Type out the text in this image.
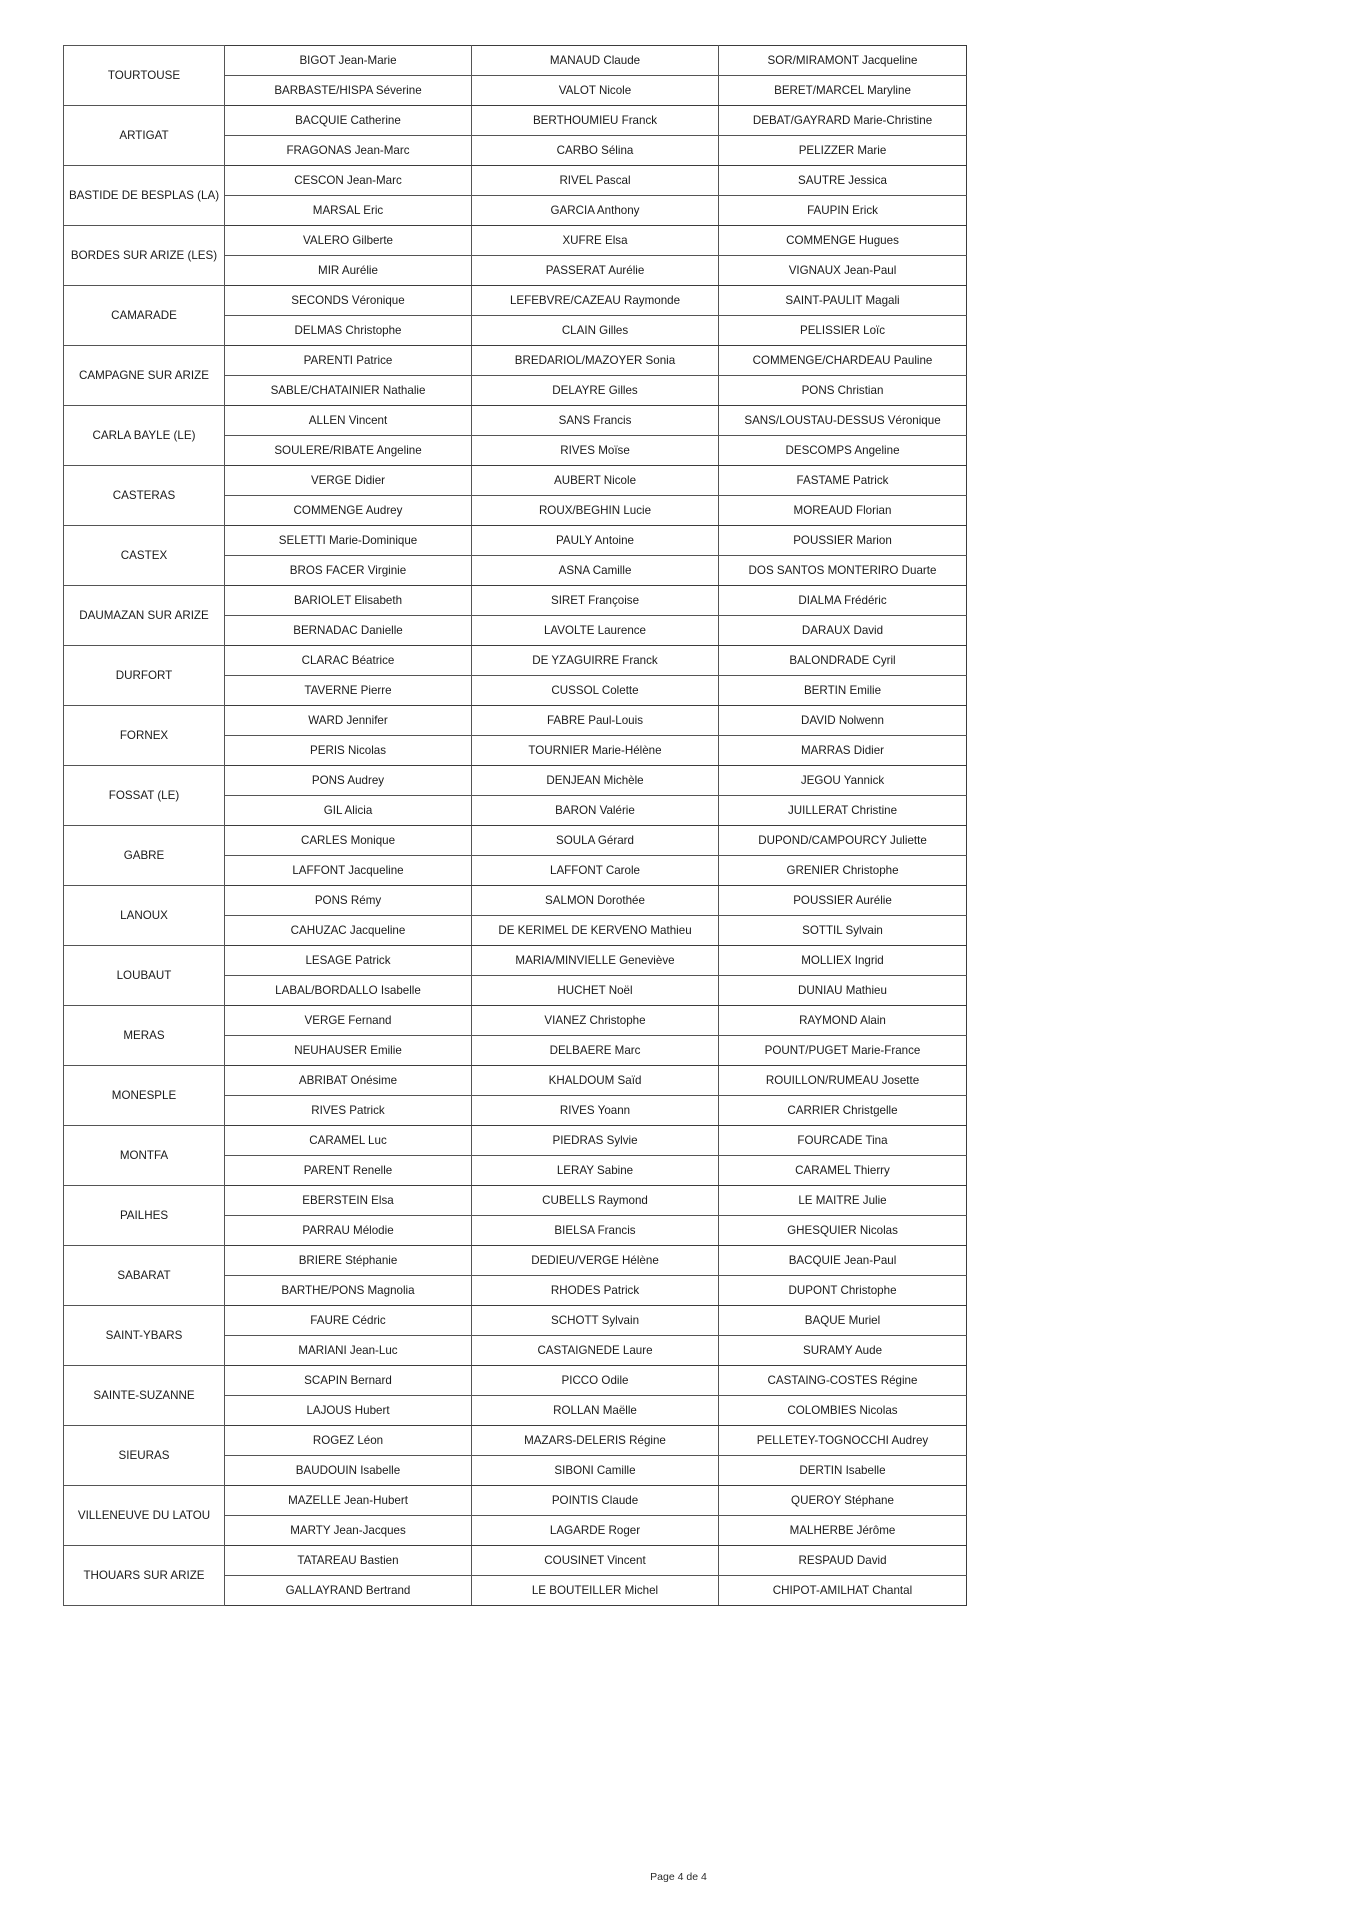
TOURTOUSE	BIGOT Jean-Marie	MANAUD Claude	SOR/MIRAMONT Jacqueline
	BARBASTE/HISPA Séverine	VALOT Nicole	BERET/MARCEL Maryline
ARTIGAT	BACQUIE Catherine	BERTHOUMIEU Franck	DEBAT/GAYRARD Marie-Christine
	FRAGONAS Jean-Marc	CARBO Sélina	PELIZZER Marie
BASTIDE DE BESPLAS (LA)	CESCON Jean-Marc	RIVEL Pascal	SAUTRE Jessica
	MARSAL Eric	GARCIA Anthony	FAUPIN Erick
BORDES SUR ARIZE (LES)	VALERO Gilberte	XUFRE Elsa	COMMENGE Hugues
	MIR Aurélie	PASSERAT Aurélie	VIGNAUX Jean-Paul
CAMARADE	SECONDS Véronique	LEFEBVRE/CAZEAU Raymonde	SAINT-PAULIT Magali
	DELMAS Christophe	CLAIN Gilles	PELISSIER Loïc
CAMPAGNE SUR ARIZE	PARENTI Patrice	BREDARIOL/MAZOYER Sonia	COMMENGE/CHARDEAU Pauline
	SABLE/CHATAINIER Nathalie	DELAYRE Gilles	PONS Christian
CARLA BAYLE (LE)	ALLEN Vincent	SANS Francis	SANS/LOUSTAU-DESSUS Véronique
	SOULERE/RIBATE Angeline	RIVES Moïse	DESCOMPS Angeline
CASTERAS	VERGE Didier	AUBERT Nicole	FASTAME Patrick
	COMMENGE Audrey	ROUX/BEGHIN Lucie	MOREAUD Florian
CASTEX	SELETTI Marie-Dominique	PAULY Antoine	POUSSIER Marion
	BROS FACER Virginie	ASNA Camille	DOS SANTOS MONTERIRO Duarte
DAUMAZAN SUR ARIZE	BARIOLET Elisabeth	SIRET Françoise	DIALMA Frédéric
	BERNADAC Danielle	LAVOLTE Laurence	DARAUX David
DURFORT	CLARAC Béatrice	DE YZAGUIRRE Franck	BALONDRADE Cyril
	TAVERNE Pierre	CUSSOL Colette	BERTIN Emilie
FORNEX	WARD Jennifer	FABRE Paul-Louis	DAVID Nolwenn
	PERIS Nicolas	TOURNIER Marie-Hélène	MARRAS Didier
FOSSAT (LE)	PONS Audrey	DENJEAN Michèle	JEGOU Yannick
	GIL Alicia	BARON Valérie	JUILLERAT Christine
GABRE	CARLES Monique	SOULA Gérard	DUPOND/CAMPOURCY Juliette
	LAFFONT Jacqueline	LAFFONT Carole	GRENIER Christophe
LANOUX	PONS Rémy	SALMON Dorothée	POUSSIER Aurélie
	CAHUZAC Jacqueline	DE KERIMEL DE KERVENO Mathieu	SOTTIL Sylvain
LOUBAUT	LESAGE Patrick	MARIA/MINVIELLE Geneviève	MOLLIEX Ingrid
	LABAL/BORDALLO Isabelle	HUCHET Noël	DUNIAU Mathieu
MERAS	VERGE Fernand	VIANEZ Christophe	RAYMOND Alain
	NEUHAUSER Emilie	DELBAERE Marc	POUNT/PUGET Marie-France
MONESPLE	ABRIBAT Onésime	KHALDOUM Saïd	ROUILLON/RUMEAU Josette
	RIVES Patrick	RIVES Yoann	CARRIER Christgelle
MONTFA	CARAMEL Luc	PIEDRAS Sylvie	FOURCADE Tina
	PARENT Renelle	LERAY Sabine	CARAMEL Thierry
PAILHES	EBERSTEIN Elsa	CUBELLS Raymond	LE MAITRE Julie
	PARRAU Mélodie	BIELSA Francis	GHESQUIER Nicolas
SABARAT	BRIERE Stéphanie	DEDIEU/VERGE Hélène	BACQUIE Jean-Paul
	BARTHE/PONS Magnolia	RHODES Patrick	DUPONT Christophe
SAINT-YBARS	FAURE Cédric	SCHOTT Sylvain	BAQUE Muriel
	MARIANI Jean-Luc	CASTAIGNEDE Laure	SURAMY Aude
SAINTE-SUZANNE	SCAPIN Bernard	PICCO Odile	CASTAING-COSTES Régine
	LAJOUS Hubert	ROLLAN Maëlle	COLOMBIES Nicolas
SIEURAS	ROGEZ Léon	MAZARS-DELERIS Régine	PELLETEY-TOGNOCCHI Audrey
	BAUDOUIN Isabelle	SIBONI Camille	DERTIN Isabelle
VILLENEUVE DU LATOU	MAZELLE Jean-Hubert	POINTIS Claude	QUEROY Stéphane
	MARTY Jean-Jacques	LAGARDE Roger	MALHERBE Jérôme
THOUARS SUR ARIZE	TATAREAU Bastien	COUSINET Vincent	RESPAUD David
	GALLAYRAND Bertrand	LE BOUTEILLER Michel	CHIPOT-AMILHAT Chantal
Page 4 de 4
